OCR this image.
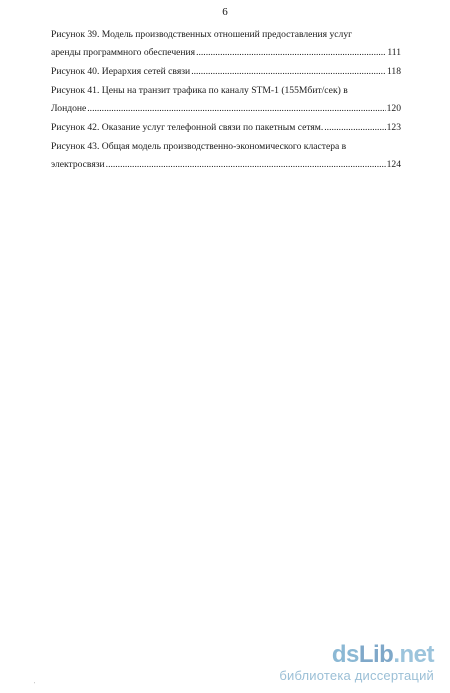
6
Рисунок 39. Модель производственных отношений предоставления услуг
аренды программного обеспечения .....	111
Рисунок 40. Иерархия сетей связи .....	118
Рисунок 41. Цены на транзит трафика по каналу STM-1 (155Мбит/сек) в
Лондоне .....	120
Рисунок 42. Оказание услуг телефонной связи по пакетным сетям. .....	123
Рисунок 43. Общая модель производственно-экономического кластера в
электросвязи .....	124
dsLib.net
библиотека диссертаций
'
